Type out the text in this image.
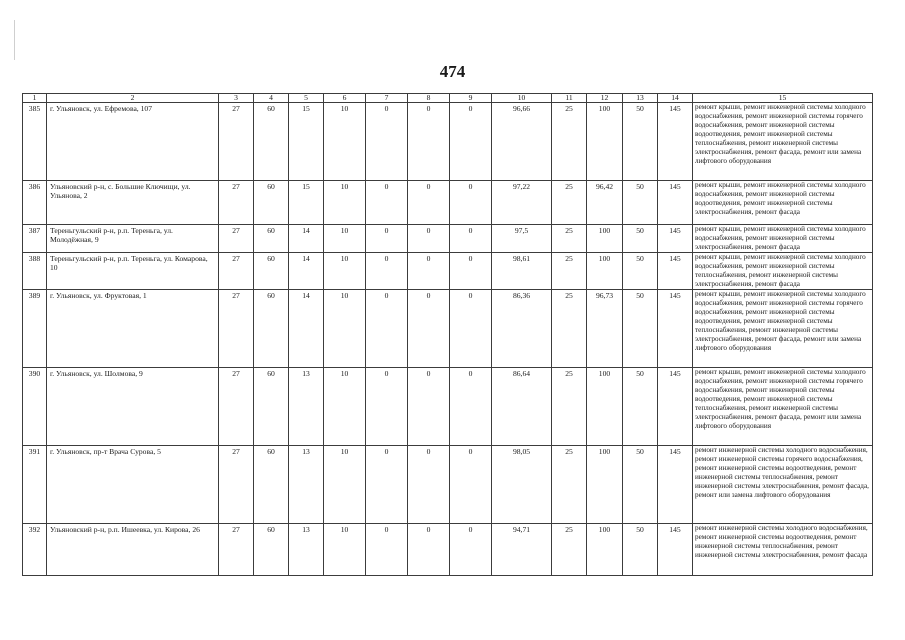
474
1	2	3	4	5	6	7	8	9	10	11	12	13	14	15
385	г. Ульяновск, ул. Ефремова, 107	27	60	15	10	0	0	0	96,66	25	100	50	145	ремонт крыши, ремонт инженерной системы холодного водоснабжения, ремонт инженерной системы горячего водоснабжения, ремонт инженерной системы водоотведения, ремонт инженерной системы теплоснабжения, ремонт инженерной системы электроснабжения, ремонт фасада, ремонт или замена лифтового оборудования
386	Ульяновский р-н, с. Большие Ключищи, ул. Ульянова, 2	27	60	15	10	0	0	0	97,22	25	96,42	50	145	ремонт крыши, ремонт инженерной системы холодного водоснабжения, ремонт инженерной системы водоотведения, ремонт инженерной системы электроснабжения, ремонт фасада
387	Тереньгульский р-н, р.п. Тереньга, ул. Молодёжная, 9	27	60	14	10	0	0	0	97,5	25	100	50	145	ремонт крыши, ремонт инженерной системы холодного водоснабжения, ремонт инженерной системы электроснабжения, ремонт фасада
388	Тереньгульский р-н, р.п. Тереньга, ул. Комарова, 10	27	60	14	10	0	0	0	98,61	25	100	50	145	ремонт крыши, ремонт инженерной системы холодного водоснабжения, ремонт инженерной системы теплоснабжения, ремонт инженерной системы электроснабжения, ремонт фасада
389	г. Ульяновск, ул. Фруктовая, 1	27	60	14	10	0	0	0	86,36	25	96,73	50	145	ремонт крыши, ремонт инженерной системы холодного водоснабжения, ремонт инженерной системы горячего водоснабжения, ремонт инженерной системы водоотведения, ремонт инженерной системы теплоснабжения, ремонт инженерной системы электроснабжения, ремонт фасада, ремонт или замена лифтового оборудования
390	г. Ульяновск, ул. Шолмова, 9	27	60	13	10	0	0	0	86,64	25	100	50	145	ремонт крыши, ремонт инженерной системы холодного водоснабжения, ремонт инженерной системы горячего водоснабжения, ремонт инженерной системы водоотведения, ремонт инженерной системы теплоснабжения, ремонт инженерной системы электроснабжения, ремонт фасада, ремонт или замена лифтового оборудования
391	г. Ульяновск, пр-т Врача Сурова, 5	27	60	13	10	0	0	0	98,05	25	100	50	145	ремонт инженерной системы холодного водоснабжения, ремонт инженерной системы горячего водоснабжения, ремонт инженерной системы водоотведения, ремонт инженерной системы теплоснабжения, ремонт инженерной системы электроснабжения, ремонт фасада, ремонт или замена лифтового оборудования
392	Ульяновский р-н, р.п. Ишеевка, ул. Кирова, 26	27	60	13	10	0	0	0	94,71	25	100	50	145	ремонт инженерной системы холодного водоснабжения, ремонт инженерной системы водоотведения, ремонт инженерной системы теплоснабжения, ремонт инженерной системы электроснабжения, ремонт фасада
